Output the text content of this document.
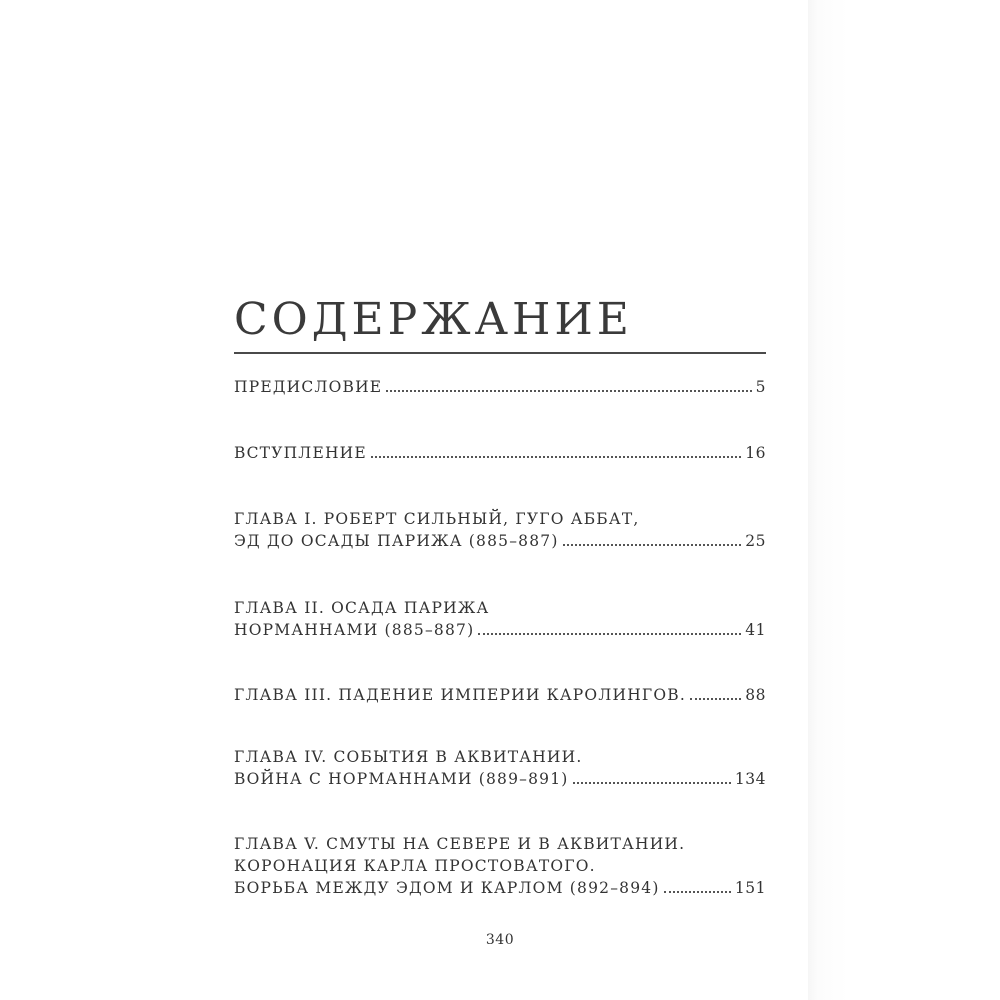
СОДЕРЖАНИЕ
ПРЕДИСЛОВИЕ	5
ВСТУПЛЕНИЕ	16
ГЛАВА I. РОБЕРТ СИЛЬНЫЙ, ГУГО АББАТ,
ЭД ДО ОСАДЫ ПАРИЖА (885–887)	25
ГЛАВА II. ОСАДА ПАРИЖА
НОРМАННАМИ (885–887)	41
ГЛАВА III. ПАДЕНИЕ ИМПЕРИИ КАРОЛИНГОВ.	88
ГЛАВА IV. СОБЫТИЯ В АКВИТАНИИ.
ВОЙНА С НОРМАННАМИ (889–891)	134
ГЛАВА V. СМУТЫ НА СЕВЕРЕ И В АКВИТАНИИ.
КОРОНАЦИЯ КАРЛА ПРОСТОВАТОГО.
БОРЬБА МЕЖДУ ЭДОМ И КАРЛОМ (892–894)	151
340
